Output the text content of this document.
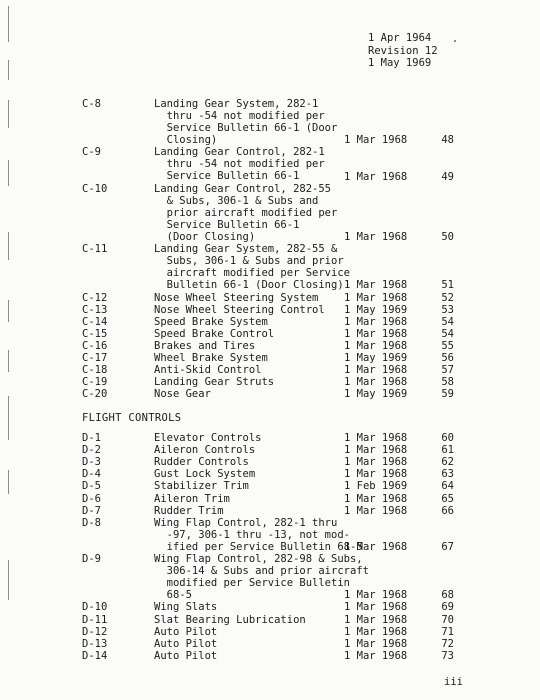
1 Apr 1964
Revision 12
1 May 1969
C-8	Landing Gear System, 282-1
thru -54 not modified per
Service Bulletin 66-1 (Door
Closing)	1 Mar 1968	48
C-9	Landing Gear Control, 282-1
thru -54 not modified per
Service Bulletin 66-1	1 Mar 1968	49
C-10	Landing Gear Control, 282-55
& Subs, 306-1 & Subs and
prior aircraft modified per
Service Bulletin 66-1
(Door Closing)	1 Mar 1968	50
C-11	Landing Gear System, 282-55 &
Subs, 306-1 & Subs and prior
aircraft modified per Service
Bulletin 66-1 (Door Closing) 1 Mar 1968	51
C-12	Nose Wheel Steering System	1 Mar 1968	52
C-13	Nose Wheel Steering Control	1 May 1969	53
C-14	Speed Brake System	1 Mar 1968	54
C-15	Speed Brake Control	1 Mar 1968	54
C-16	Brakes and Tires	1 Mar 1968	55
C-17	Wheel Brake System	1 May 1969	56
C-18	Anti-Skid Control	1 Mar 1968	57
C-19	Landing Gear Struts	1 Mar 1968	58
C-20	Nose Gear	1 May 1969	59
FLIGHT CONTROLS
D-1	Elevator Controls	1 Mar 1968	60
D-2	Aileron Controls	1 Mar 1968	61
D-3	Rudder Controls	1 Mar 1968	62
D-4	Gust Lock System	1 Mar 1968	63
D-5	Stabilizer Trim	1 Feb 1969	64
D-6	Aileron Trim	1 Mar 1968	65
D-7	Rudder Trim	1 Mar 1968	66
D-8	Wing Flap Control, 282-1 thru
-97, 306-1 thru -13, not mod-
ified per Service Bulletin 68-5
1 Mar 1968	67
D-9	Wing Flap Control, 282-98 & Subs,
306-14 & Subs and prior aircraft
modified per Service Bulletin
68-5	1 Mar 1968	68
D-10	Wing Slats	1 Mar 1968	69
D-11	Slat Bearing Lubrication	1 Mar 1968	70
D-12	Auto Pilot	1 Mar 1968	71
D-13	Auto Pilot	1 Mar 1968	72
D-14	Auto Pilot	1 Mar 1968	73
iii
